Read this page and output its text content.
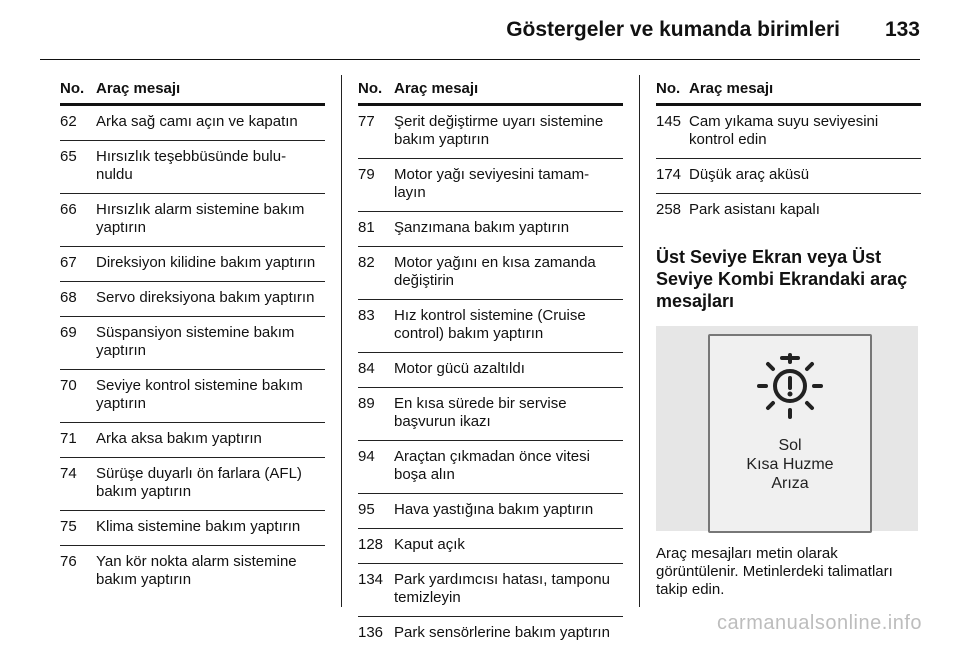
Göstergeler ve kumanda birimleri 133
No. Araç mesajı
62	Arka sağ camı açın ve kapatın
65	Hırsızlık teşebbüsünde bulu-nuldu
66	Hırsızlık alarm sistemine bakım yaptırın
67	Direksiyon kilidine bakım yaptırın
68	Servo direksiyona bakım yaptırın
69	Süspansiyon sistemine bakım yaptırın
70	Seviye kontrol sistemine bakım yaptırın
71	Arka aksa bakım yaptırın
74	Sürüşe duyarlı ön farlara (AFL) bakım yaptırın
75	Klima sistemine bakım yaptırın
76	Yan kör nokta alarm sistemine bakım yaptırın
No. Araç mesajı
77	Şerit değiştirme uyarı sistemine bakım yaptırın
79	Motor yağı seviyesini tamam-layın
81	Şanzımana bakım yaptırın
82	Motor yağını en kısa zamanda değiştirin
83	Hız kontrol sistemine (Cruise control) bakım yaptırın
84	Motor gücü azaltıldı
89	En kısa sürede bir servise başvurun ikazı
94	Araçtan çıkmadan önce vitesi boşa alın
95	Hava yastığına bakım yaptırın
128 Kaput açık
134 Park yardımcısı hatası, tamponu temizleyin
136 Park sensörlerine bakım yaptırın
No. Araç mesajı
145 Cam yıkama suyu seviyesini kontrol edin
174 Düşük araç aküsü
258 Park asistanı kapalı
Üst Seviye Ekran veya Üst Seviye Kombi Ekrandaki araç mesajları
Sol
Kısa Huzme
Arıza
Araç mesajları metin olarak görüntülenir. Metinlerdeki talimatları takip edin.
carmanualsonline.info
